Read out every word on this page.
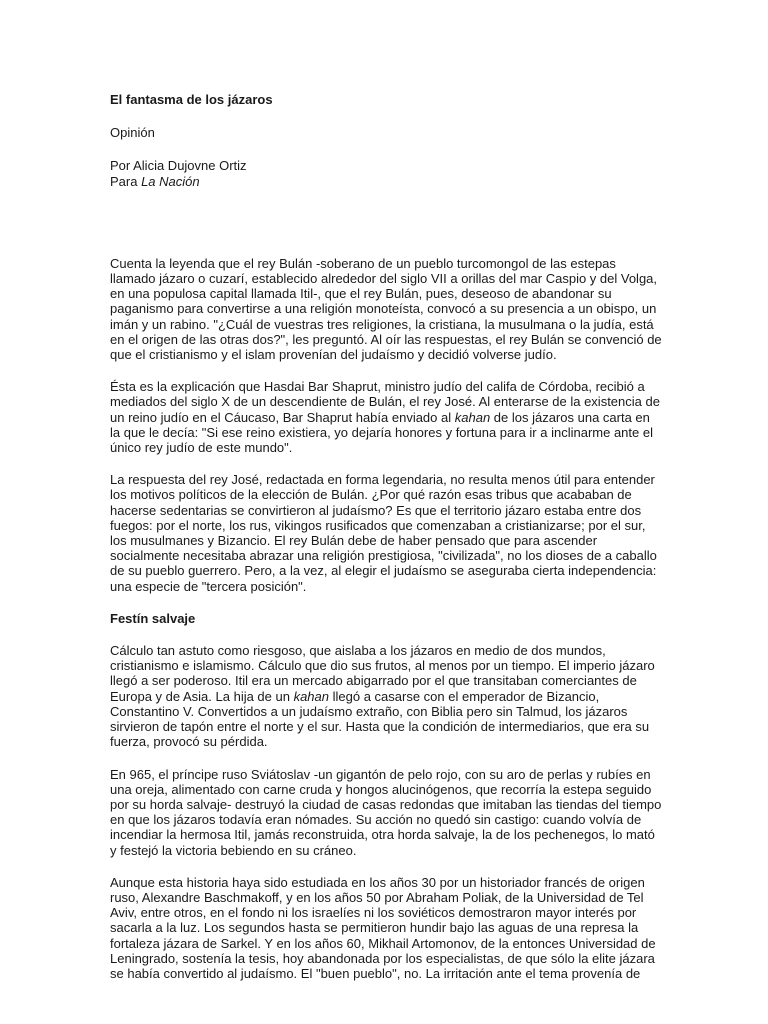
El fantasma de los jázaros
Opinión
Por Alicia Dujovne Ortiz
Para La Nación

Cuenta la leyenda que el rey Bulán -soberano de un pueblo turcomongol de las estepas llamado jázaro o cuzarí, establecido alrededor del siglo VII a orillas del mar Caspio y del Volga, en una populosa capital llamada Itil-, que el rey Bulán, pues, deseoso de abandonar su paganismo para convertirse a una religión monoteísta, convocó a su presencia a un obispo, un imán y un rabino. "¿Cuál de vuestras tres religiones, la cristiana, la musulmana o la judía, está en el origen de las otras dos?", les preguntó. Al oír las respuestas, el rey Bulán se convenció de que el cristianismo y el islam provenían del judaísmo y decidió volverse judío.

Ésta es la explicación que Hasdai Bar Shaprut, ministro judío del califa de Córdoba, recibió a mediados del siglo X de un descendiente de Bulán, el rey José. Al enterarse de la existencia de un reino judío en el Cáucaso, Bar Shaprut había enviado al kahan de los jázaros una carta en la que le decía: "Si ese reino existiera, yo dejaría honores y fortuna para ir a inclinarme ante el único rey judío de este mundo".

La respuesta del rey José, redactada en forma legendaria, no resulta menos útil para entender los motivos políticos de la elección de Bulán. ¿Por qué razón esas tribus que acababan de hacerse sedentarias se convirtieron al judaísmo? Es que el territorio jázaro estaba entre dos fuegos: por el norte, los rus, vikingos rusificados que comenzaban a cristianizarse; por el sur, los musulmanes y Bizancio. El rey Bulán debe de haber pensado que para ascender socialmente necesitaba abrazar una religión prestigiosa, "civilizada", no los dioses de a caballo de su pueblo guerrero. Pero, a la vez, al elegir el judaísmo se aseguraba cierta independencia: una especie de "tercera posición".

Festín salvaje

Cálculo tan astuto como riesgoso, que aislaba a los jázaros en medio de dos mundos, cristianismo e islamismo. Cálculo que dio sus frutos, al menos por un tiempo. El imperio jázaro llegó a ser poderoso. Itil era un mercado abigarrado por el que transitaban comerciantes de Europa y de Asia. La hija de un kahan llegó a casarse con el emperador de Bizancio, Constantino V. Convertidos a un judaísmo extraño, con Biblia pero sin Talmud, los jázaros sirvieron de tapón entre el norte y el sur. Hasta que la condición de intermediarios, que era su fuerza, provocó su pérdida.

En 965, el príncipe ruso Sviátoslav -un gigantón de pelo rojo, con su aro de perlas y rubíes en una oreja, alimentado con carne cruda y hongos alucinógenos, que recorría la estepa seguido por su horda salvaje- destruyó la ciudad de casas redondas que imitaban las tiendas del tiempo en que los jázaros todavía eran nómades. Su acción no quedó sin castigo: cuando volvía de incendiar la hermosa Itil, jamás reconstruida, otra horda salvaje, la de los pechenegos, lo mató y festejó la victoria bebiendo en su cráneo.

Aunque esta historia haya sido estudiada en los años 30 por un historiador francés de origen ruso, Alexandre Baschmakoff, y en los años 50 por Abraham Poliak, de la Universidad de Tel Aviv, entre otros, en el fondo ni los israelíes ni los soviéticos demostraron mayor interés por sacarla a la luz. Los segundos hasta se permitieron hundir bajo las aguas de una represa la fortaleza jázara de Sarkel. Y en los años 60, Mikhail Artomonov, de la entonces Universidad de Leningrado, sostenía la tesis, hoy abandonada por los especialistas, de que sólo la elite jázara se había convertido al judaísmo. El "buen pueblo", no. La irritación ante el tema provenía de
